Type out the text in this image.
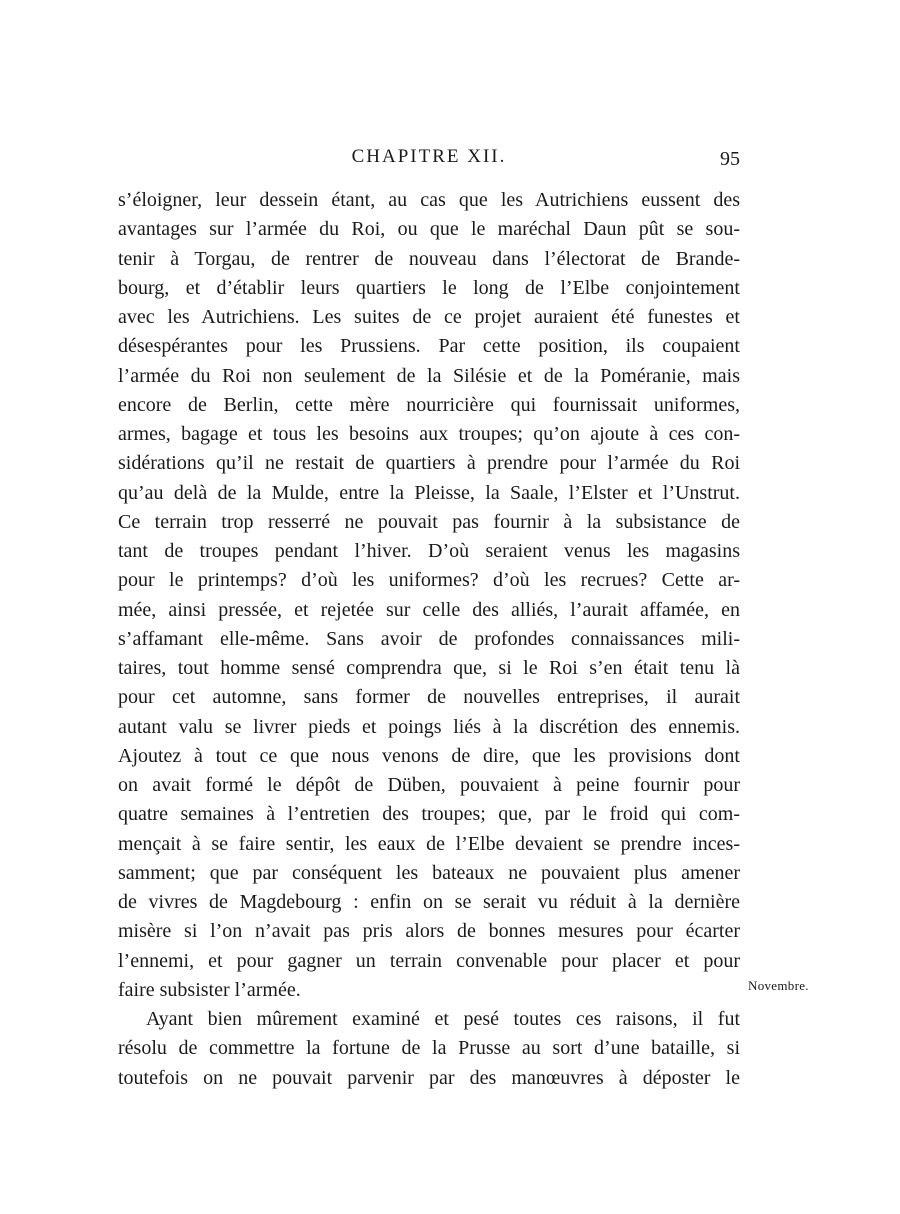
CHAPITRE XII.	95
s’éloigner, leur dessein étant, au cas que les Autrichiens eussent des
avantages sur l’armée du Roi, ou que le maréchal Daun pût se sou-
tenir à Torgau, de rentrer de nouveau dans l’électorat de Brande-
bourg, et d’établir leurs quartiers le long de l’Elbe conjointement
avec les Autrichiens. Les suites de ce projet auraient été funestes et
désespérantes pour les Prussiens. Par cette position, ils coupaient
l’armée du Roi non seulement de la Silésie et de la Poméranie, mais
encore de Berlin, cette mère nourricière qui fournissait uniformes,
armes, bagage et tous les besoins aux troupes; qu’on ajoute à ces con-
sidérations qu’il ne restait de quartiers à prendre pour l’armée du Roi
qu’au delà de la Mulde, entre la Pleisse, la Saale, l’Elster et l’Unstrut.
Ce terrain trop resserré ne pouvait pas fournir à la subsistance de
tant de troupes pendant l’hiver. D’où seraient venus les magasins
pour le printemps? d’où les uniformes? d’où les recrues? Cette ar-
mée, ainsi pressée, et rejetée sur celle des alliés, l’aurait affamée, en
s’affamant elle-même. Sans avoir de profondes connaissances mili-
taires, tout homme sensé comprendra que, si le Roi s’en était tenu là
pour cet automne, sans former de nouvelles entreprises, il aurait
autant valu se livrer pieds et poings liés à la discrétion des ennemis.
Ajoutez à tout ce que nous venons de dire, que les provisions dont
on avait formé le dépôt de Düben, pouvaient à peine fournir pour
quatre semaines à l’entretien des troupes; que, par le froid qui com-
mençait à se faire sentir, les eaux de l’Elbe devaient se prendre inces-
samment; que par conséquent les bateaux ne pouvaient plus amener
de vivres de Magdebourg : enfin on se serait vu réduit à la dernière
misère si l’on n’avait pas pris alors de bonnes mesures pour écarter
l’ennemi, et pour gagner un terrain convenable pour placer et pour
faire subsister l’armée.
Ayant bien mûrement examiné et pesé toutes ces raisons, il fut
résolu de commettre la fortune de la Prusse au sort d’une bataille, si
toutefois on ne pouvait parvenir par des manœuvres à déposter le
Novembre.
